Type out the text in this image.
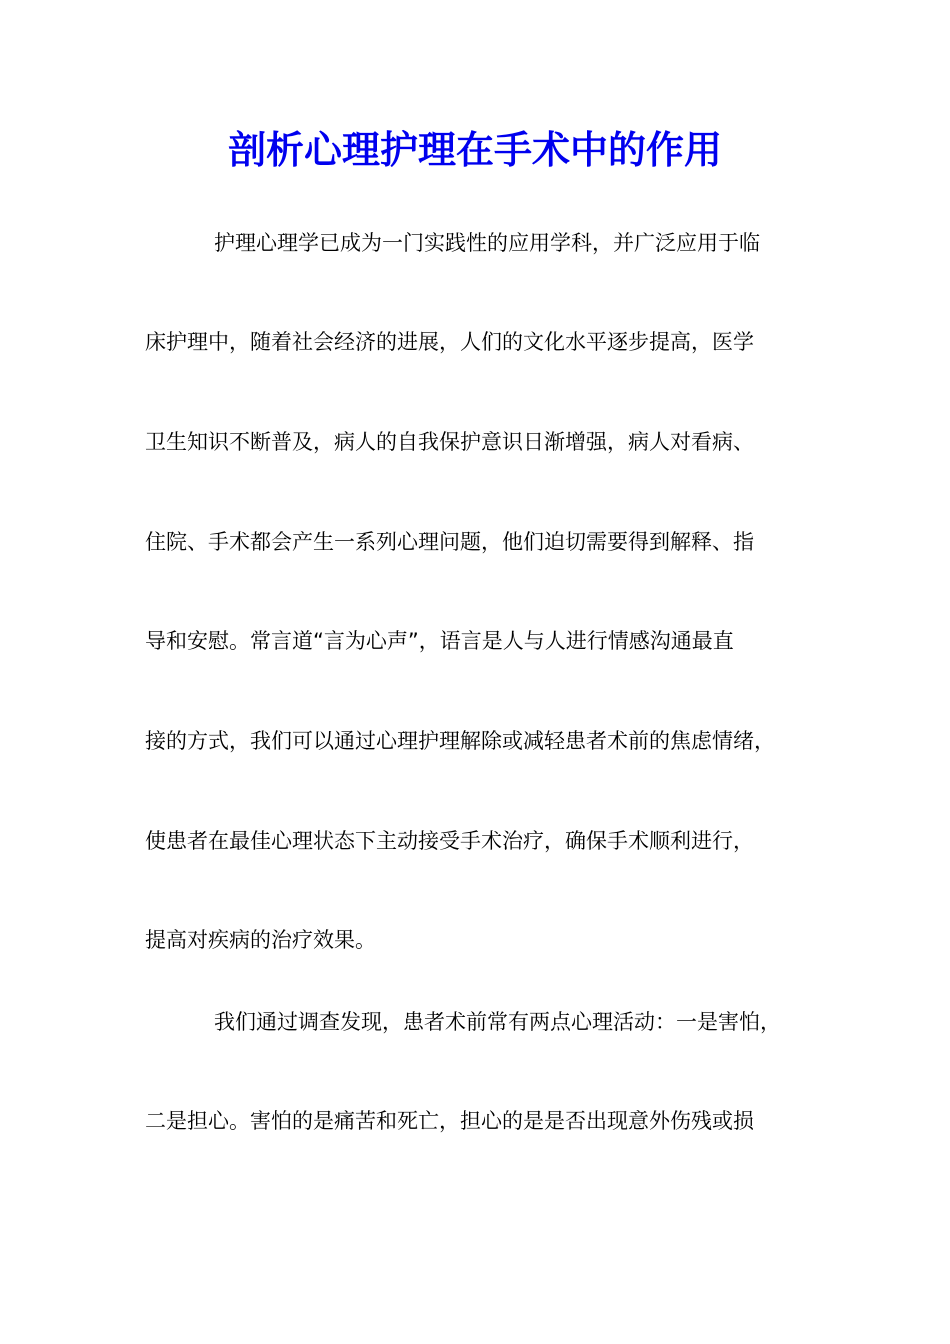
剖析心理护理在手术中的作用
护理心理学已成为一门实践性的应用学科，并广泛应用于临
床护理中，随着社会经济的进展，人们的文化水平逐步提高，医学
卫生知识不断普及，病人的自我保护意识日渐增强，病人对看病、
住院、手术都会产生一系列心理问题，他们迫切需要得到解释、指
导和安慰。常言道“言为心声”，语言是人与人进行情感沟通最直
接的方式，我们可以通过心理护理解除或减轻患者术前的焦虑情绪，
使患者在最佳心理状态下主动接受手术治疗，确保手术顺利进行，
提高对疾病的治疗效果。
我们通过调查发现，患者术前常有两点心理活动：一是害怕，
二是担心。害怕的是痛苦和死亡，担心的是是否出现意外伤残或损
